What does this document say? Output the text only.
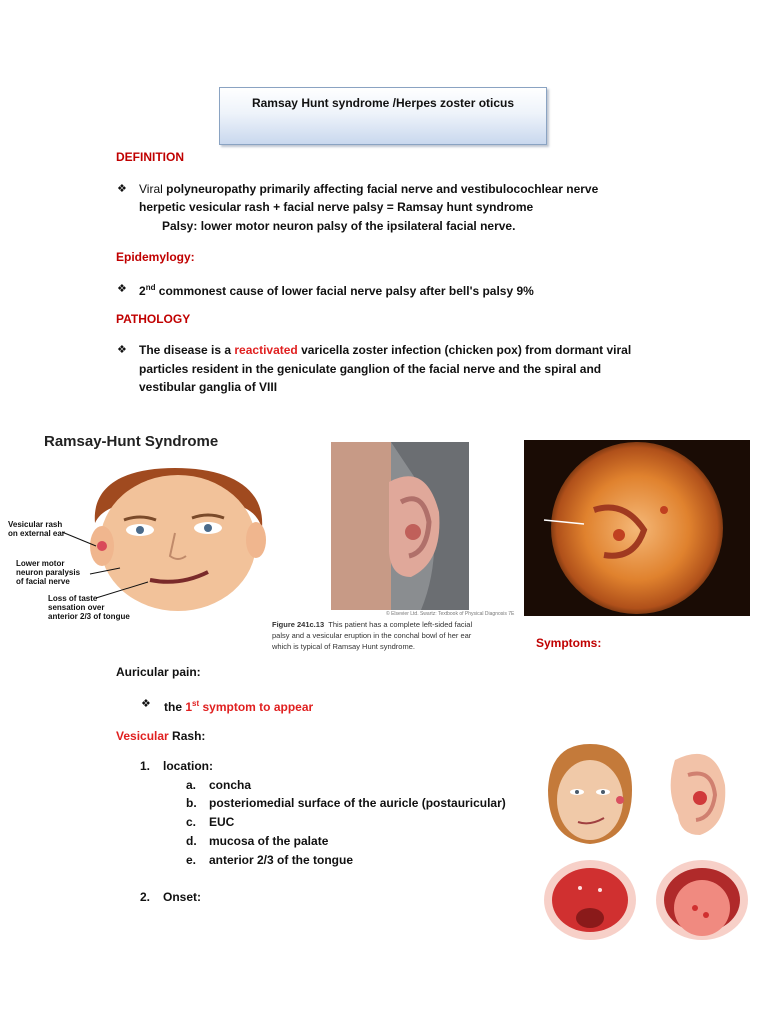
Ramsay Hunt syndrome /Herpes zoster oticus
DEFINITION
❖ Viral polyneuropathy primarily affecting facial nerve and vestibulocochlear nerve
herpetic vesicular rash + facial nerve palsy = Ramsay hunt syndrome
Palsy: lower motor neuron palsy of the ipsilateral facial nerve.
Epidemylogy:
❖ 2nd commonest cause of lower facial nerve palsy after bell's palsy 9%
PATHOLOGY
❖ The disease is a reactivated varicella zoster infection (chicken pox) from dormant viral
particles resident in the geniculate ganglion of the facial nerve and the spiral and
vestibular ganglia of VIII
Ramsay-Hunt Syndrome
Vesicular rash
on external ear
Lower motor
neuron paralysis
of facial nerve
Loss of taste
sensation over
anterior 2/3 of tongue	© Elsevier Ltd. Swartz: Textbook of Physical Diagnosis 7E
Figure 241c.13 This patient has a complete left-sided facial
palsy and a vesicular eruption in the conchal bowl of her ear
which is typical of Ramsay Hunt syndrome.	Symptoms:
Auricular pain:
❖ the 1st symptom to appear
Vesicular Rash:
1. location:
a. concha
b. posteriomedial surface of the auricle (postauricular)
c. EUC
d. mucosa of the palate
e. anterior 2/3 of the tongue
2. Onset:
